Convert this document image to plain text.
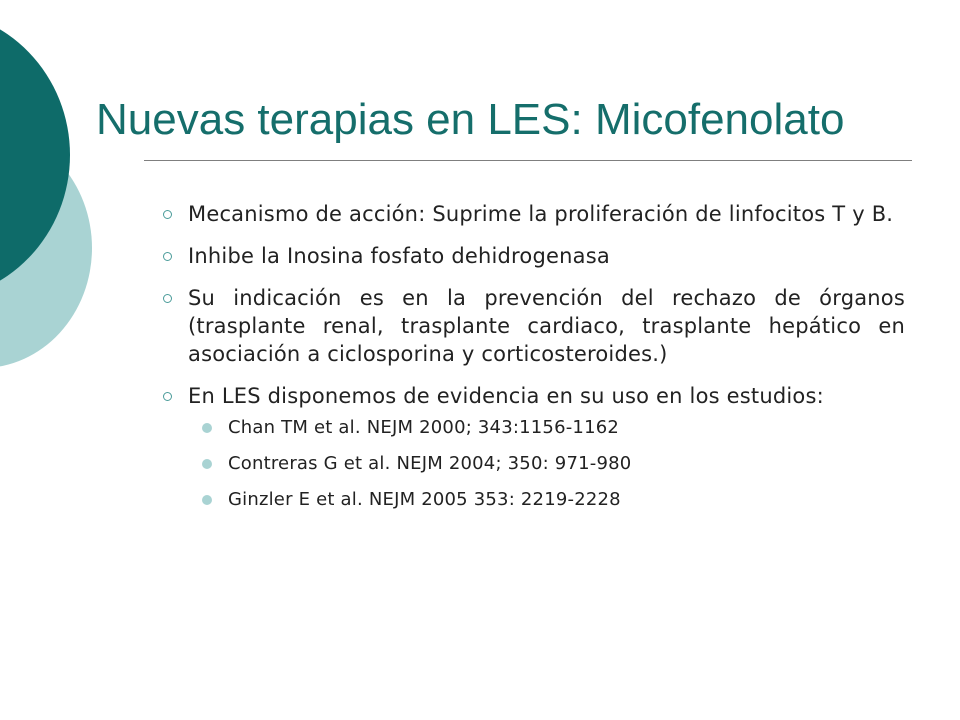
Nuevas terapias en LES: Micofenolato
Mecanismo de acción: Suprime la proliferación de linfocitos T y B.
Inhibe la Inosina fosfato dehidrogenasa
Su indicación es en la prevención del rechazo de órganos (trasplante renal, trasplante cardiaco, trasplante hepático en asociación a ciclosporina y corticosteroides.)
En LES disponemos de evidencia en su uso en los estudios:
Chan TM et al. NEJM 2000; 343:1156-1162
Contreras G et al. NEJM 2004; 350: 971-980
Ginzler E et al. NEJM 2005 353: 2219-2228
